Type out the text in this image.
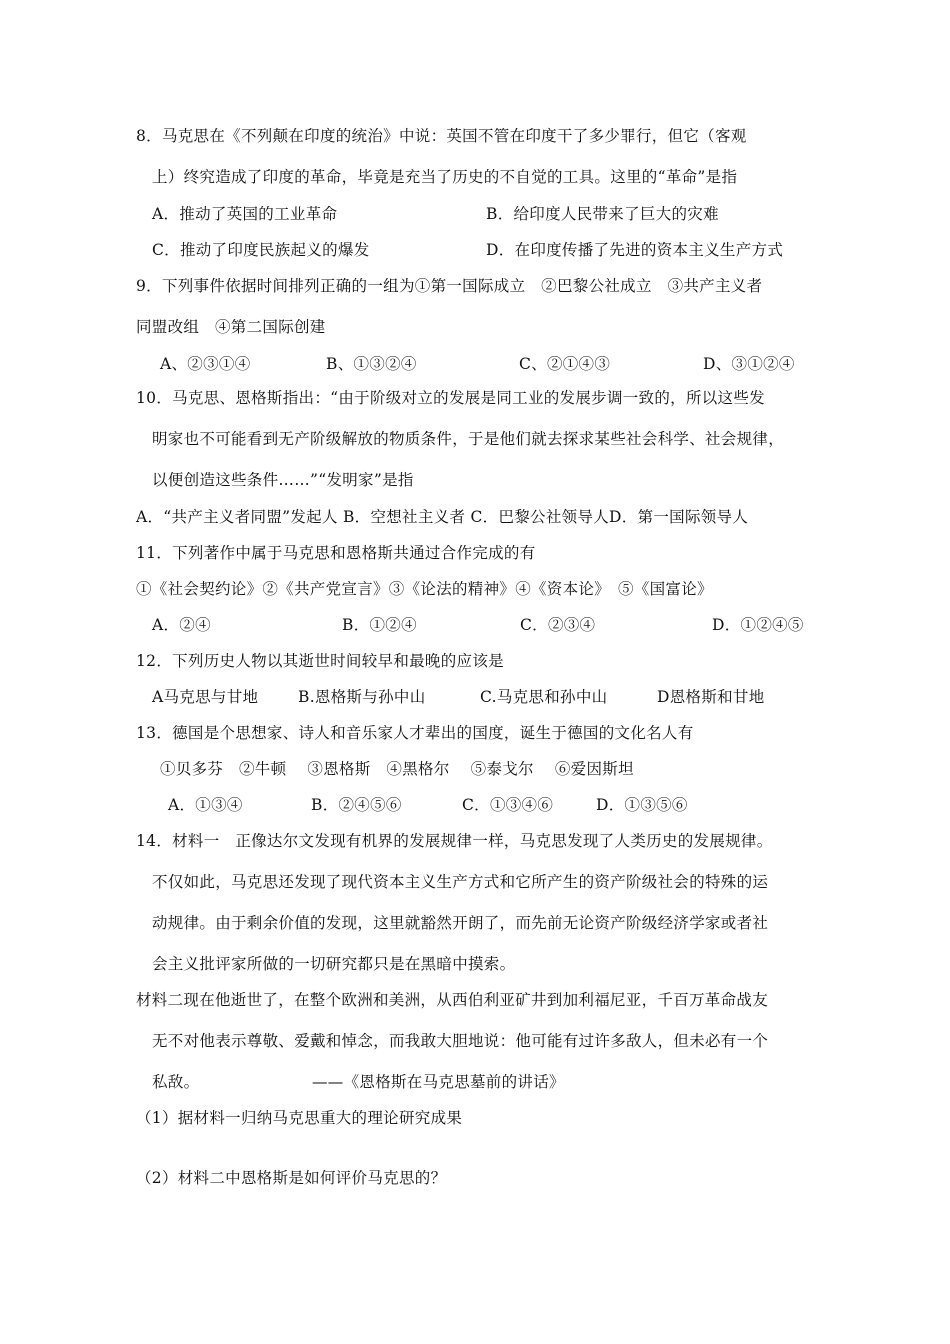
8．马克思在《不列颠在印度的统治》中说：英国不管在印度干了多少罪行，但它（客观
上）终究造成了印度的革命，毕竟是充当了历史的不自觉的工具。这里的“革命”是指
A．推动了英国的工业革命	B．给印度人民带来了巨大的灾难
C．推动了印度民族起义的爆发	D．在印度传播了先进的资本主义生产方式
9．下列事件依据时间排列正确的一组为①第一国际成立　②巴黎公社成立　③共产主义者
同盟改组　④第二国际创建
A、②③①④	B、①③②④	C、②①④③	D、③①②④
10．马克思、恩格斯指出：“由于阶级对立的发展是同工业的发展步调一致的，所以这些发
明家也不可能看到无产阶级解放的物质条件，于是他们就去探求某些社会科学、社会规律，
以便创造这些条件……”“发明家”是指
A．“共产主义者同盟”发起人 B．空想社主义者 C．巴黎公社领导人D．第一国际领导人
11．下列著作中属于马克思和恩格斯共通过合作完成的有
①《社会契约论》②《共产党宣言》③《论法的精神》④《资本论》　⑤《国富论》
A．②④	B．①②④	C．②③④	D．①②④⑤
12．下列历史人物以其逝世时间较早和最晚的应该是
A马克思与甘地	B.恩格斯与孙中山	C.马克思和孙中山	D恩格斯和甘地
13．德国是个思想家、诗人和音乐家人才辈出的国度，诞生于德国的文化名人有
①贝多芬　②牛顿　 ③恩格斯　④黑格尔　 ⑤泰戈尔　 ⑥爱因斯坦
A．①③④	B．②④⑤⑥	C．①③④⑥	D．①③⑤⑥
14．材料一　正像达尔文发现有机界的发展规律一样，马克思发现了人类历史的发展规律。
不仅如此，马克思还发现了现代资本主义生产方式和它所产生的资产阶级社会的特殊的运
动规律。由于剩余价值的发现，这里就豁然开朗了，而先前无论资产阶级经济学家或者社
会主义批评家所做的一切研究都只是在黑暗中摸索。
材料二现在他逝世了，在整个欧洲和美洲，从西伯利亚矿井到加利福尼亚，千百万革命战友
无不对他表示尊敬、爱戴和悼念，而我敢大胆地说：他可能有过许多敌人，但未必有一个
私敌。	——《恩格斯在马克思墓前的讲话》
（1）据材料一归纳马克思重大的理论研究成果
（2）材料二中恩格斯是如何评价马克思的？
